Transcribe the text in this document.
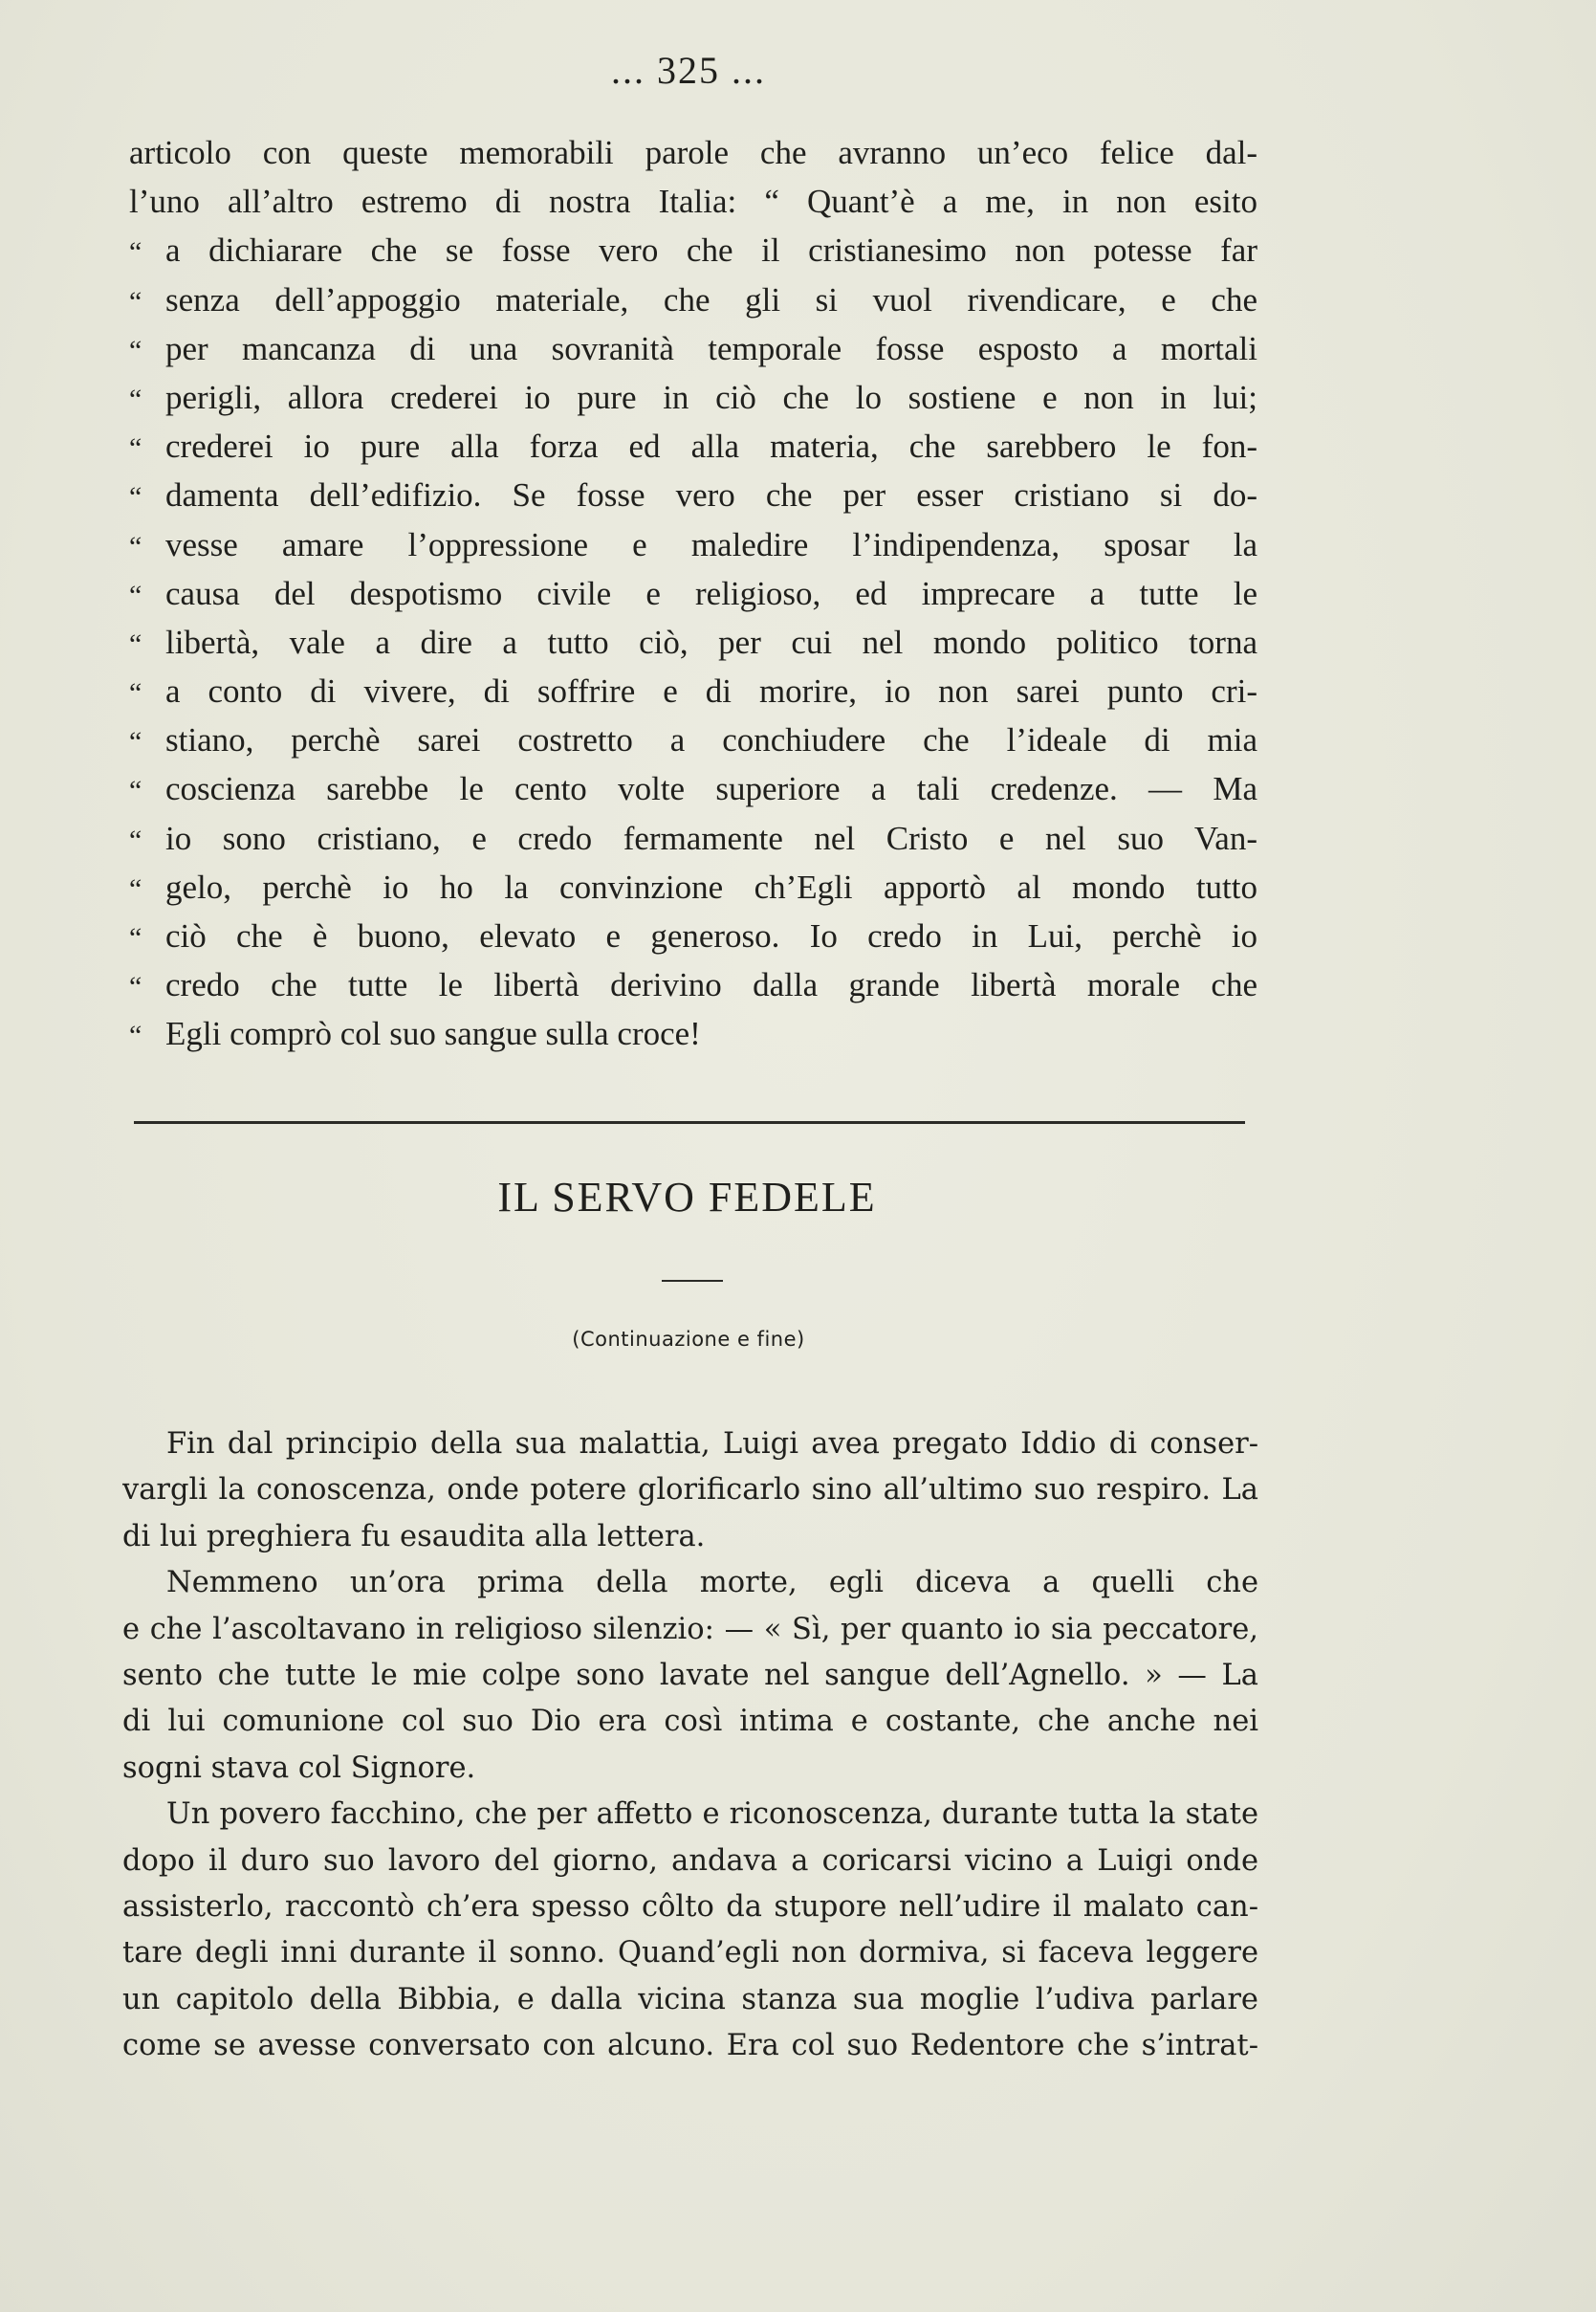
... 325 ...
articolo con queste memorabili parole che avranno un’eco felice dal-
l’uno all’altro estremo di nostra Italia: “ Quant’è a me, in non esito
“ a dichiarare che se fosse vero che il cristianesimo non potesse far
“ senza dell’appoggio materiale, che gli si vuol rivendicare, e che
“ per mancanza di una sovranità temporale fosse esposto a mortali
“ perigli, allora crederei io pure in ciò che lo sostiene e non in lui;
“ crederei io pure alla forza ed alla materia, che sarebbero le fon-
“ damenta dell’edifizio. Se fosse vero che per esser cristiano si do-
“ vesse amare l’oppressione e maledire l’indipendenza, sposar la
“ causa del despotismo civile e religioso, ed imprecare a tutte le
“ libertà, vale a dire a tutto ciò, per cui nel mondo politico torna
“ a conto di vivere, di soffrire e di morire, io non sarei punto cri-
“ stiano, perchè sarei costretto a conchiudere che l’ideale di mia
“ coscienza sarebbe le cento volte superiore a tali credenze. — Ma
“ io sono cristiano, e credo fermamente nel Cristo e nel suo Van-
“ gelo, perchè io ho la convinzione ch’Egli apportò al mondo tutto
“ ciò che è buono, elevato e generoso. Io credo in Lui, perchè io
“ credo che tutte le libertà derivino dalla grande libertà morale che
“ Egli comprò col suo sangue sulla croce!
IL SERVO FEDELE
(Continuazione e fine)
Fin dal principio della sua malattia, Luigi avea pregato Iddio di conser-
vargli la conoscenza, onde potere glorificarlo sino all’ultimo suo respiro. La
di lui preghiera fu esaudita alla lettera.
Nemmeno un’ora prima della morte, egli diceva a quelli che
e che l’ascoltavano in religioso silenzio: — « Sì, per quanto io sia peccatore,
sento che tutte le mie colpe sono lavate nel sangue dell’Agnello. » — La
di lui comunione col suo Dio era così intima e costante, che anche nei
sogni stava col Signore.
Un povero facchino, che per affetto e riconoscenza, durante tutta la state
dopo il duro suo lavoro del giorno, andava a coricarsi vicino a Luigi onde
assisterlo, raccontò ch’era spesso côlto da stupore nell’udire il malato can-
tare degli inni durante il sonno. Quand’egli non dormiva, si faceva leggere
un capitolo della Bibbia, e dalla vicina stanza sua moglie l’udiva parlare
come se avesse conversato con alcuno. Era col suo Redentore che s’intrat-
